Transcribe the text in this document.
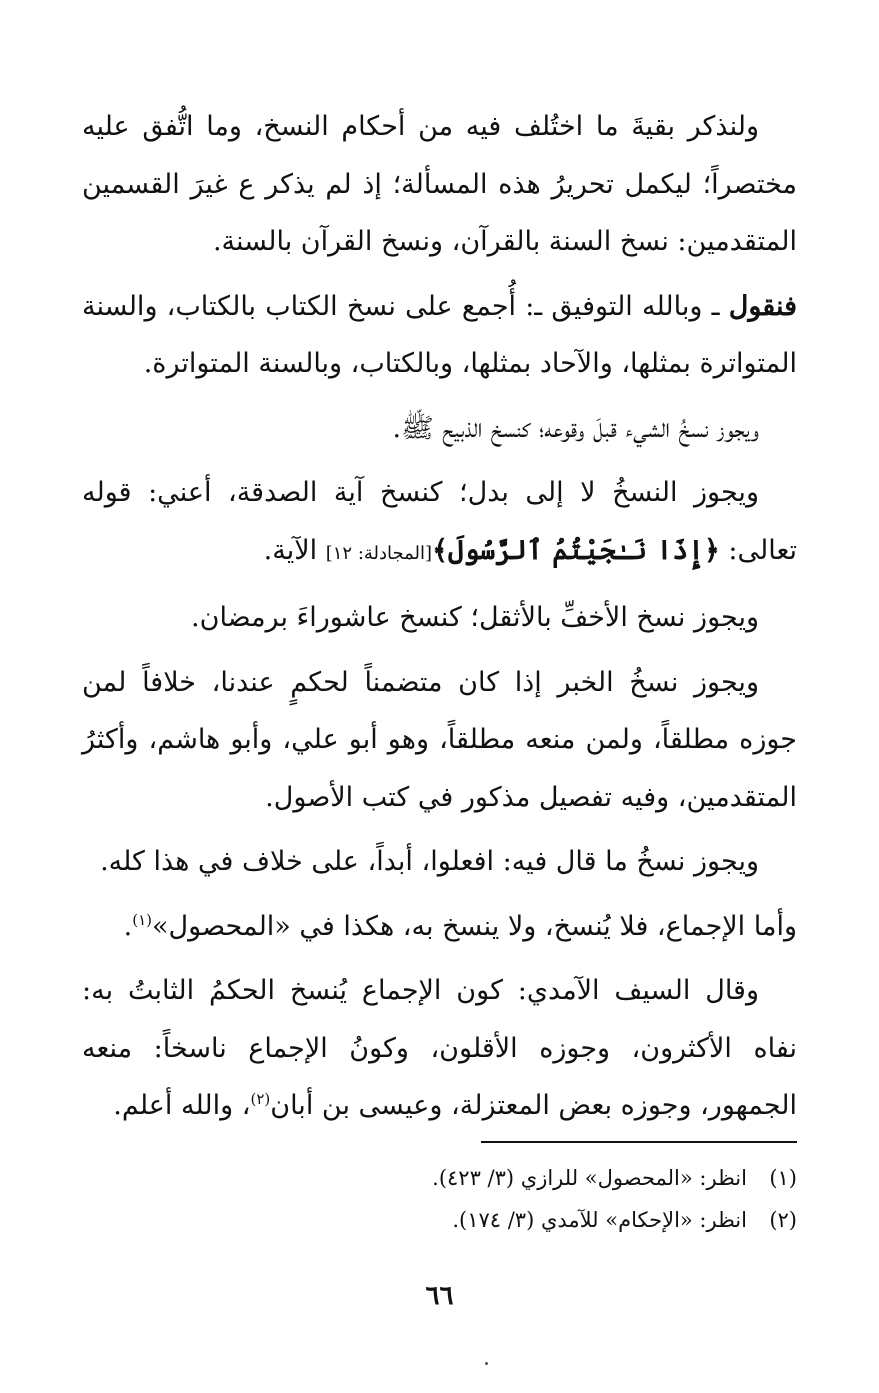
ولنذكر بقيةَ ما اختُلف فيه من أحكام النسخ، وما اتُّفق عليه مختصراً؛ ليكمل تحريرُ هذه المسألة؛ إذ لم يذكر ع غيرَ القسمين المتقدمين: نسخ السنة بالقرآن، ونسخ القرآن بالسنة.

فنقول ـ وبالله التوفيق ـ: أُجمع على نسخ الكتاب بالكتاب، والسنة المتواترة بمثلها، والآحاد بمثلها، وبالكتاب، وبالسنة المتواترة.

ويجوز نسخُ الشيء قبلَ وقوعه؛ كنسخ الذبيح ﷺ.

ويجوز النسخُ لا إلى بدل؛ كنسخ آية الصدقة، أعني: قوله تعالى: ﴿إِذَا نَـٰجَيْتُمُ ٱلرَّسُولَ﴾[المجادلة: ١٢] الآية.

ويجوز نسخ الأخفِّ بالأثقل؛ كنسخ عاشوراءَ برمضان.

ويجوز نسخُ الخبر إذا كان متضمناً لحكمٍ عندنا، خلافاً لمن جوزه مطلقاً، ولمن منعه مطلقاً، وهو أبو علي، وأبو هاشم، وأكثرُ المتقدمين، وفيه تفصيل مذكور في كتب الأصول.

ويجوز نسخُ ما قال فيه: افعلوا، أبداً، على خلاف في هذا كله.

وأما الإجماع، فلا يُنسخ، ولا ينسخ به، هكذا في «المحصول»$^{(١)}$.

وقال السيف الآمدي: كون الإجماع يُنسخ الحكمُ الثابتُ به: نفاه الأكثرون، وجوزه الأقلون، وكونُ الإجماع ناسخاً: منعه الجمهور، وجوزه بعض المعتزلة، وعيسى بن أبان$^{(٢)}$، والله أعلم.

(١)انظر: «المحصول» للرازي (٣/ ٤٢٣).

(٢)انظر: «الإحكام» للآمدي (٣/ ١٧٤).

٦٦
